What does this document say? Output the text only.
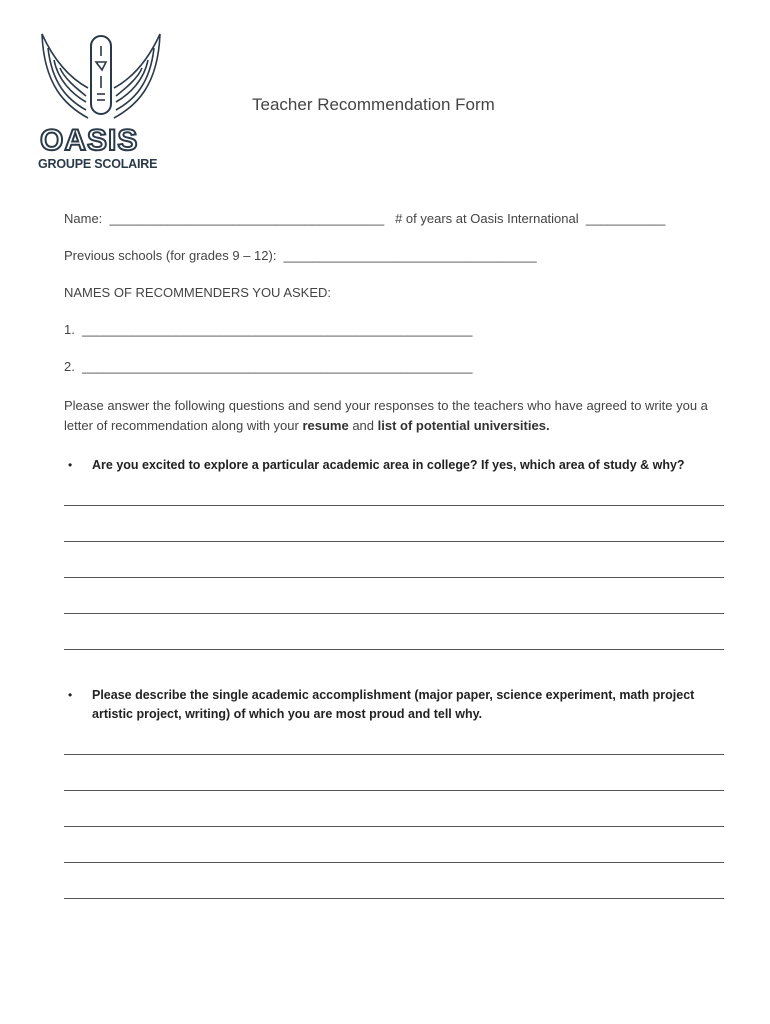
OASIS
GROUPE SCOLAIRE
Teacher Recommendation Form
Name:  ______________________________________   # of years at Oasis International  ___________
Previous schools (for grades 9 – 12):  ___________________________________
NAMES OF RECOMMENDERS YOU ASKED:
1.  ______________________________________________________
2.  ______________________________________________________
Please answer the following questions and send your responses to the teachers who have agreed to write you a letter of recommendation along with your resume and list of potential universities.
• Are you excited to explore a particular academic area in college? If yes, which area of study & why?
• Please describe the single academic accomplishment (major paper, science experiment, math project artistic project, writing) of which you are most proud and tell why.
